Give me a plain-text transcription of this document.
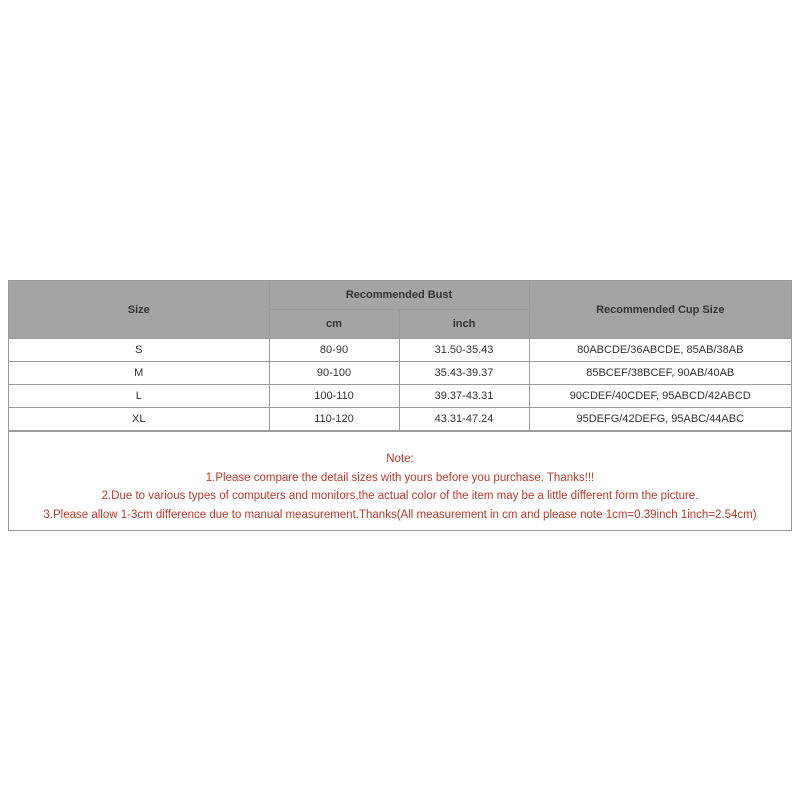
Size	Recommended Bust		Recommended Cup Size
	cm	inch	
S	80-90	31.50-35.43	80ABCDE/36ABCDE, 85AB/38AB
M	90-100	35.43-39.37	85BCEF/38BCEF, 90AB/40AB
L	100-110	39.37-43.31	90CDEF/40CDEF, 95ABCD/42ABCD
XL	110-120	43.31-47.24	95DEFG/42DEFG, 95ABC/44ABC
Note:
1.Please compare the detail sizes with yours before you purchase. Thanks!!!
2.Due to various types of computers and monitors,the actual color of the item may be a little different form the picture.
3.Please allow 1-3cm difference due to manual measurement.Thanks(All measurement in cm and please note 1cm=0.39inch 1inch=2.54cm)
